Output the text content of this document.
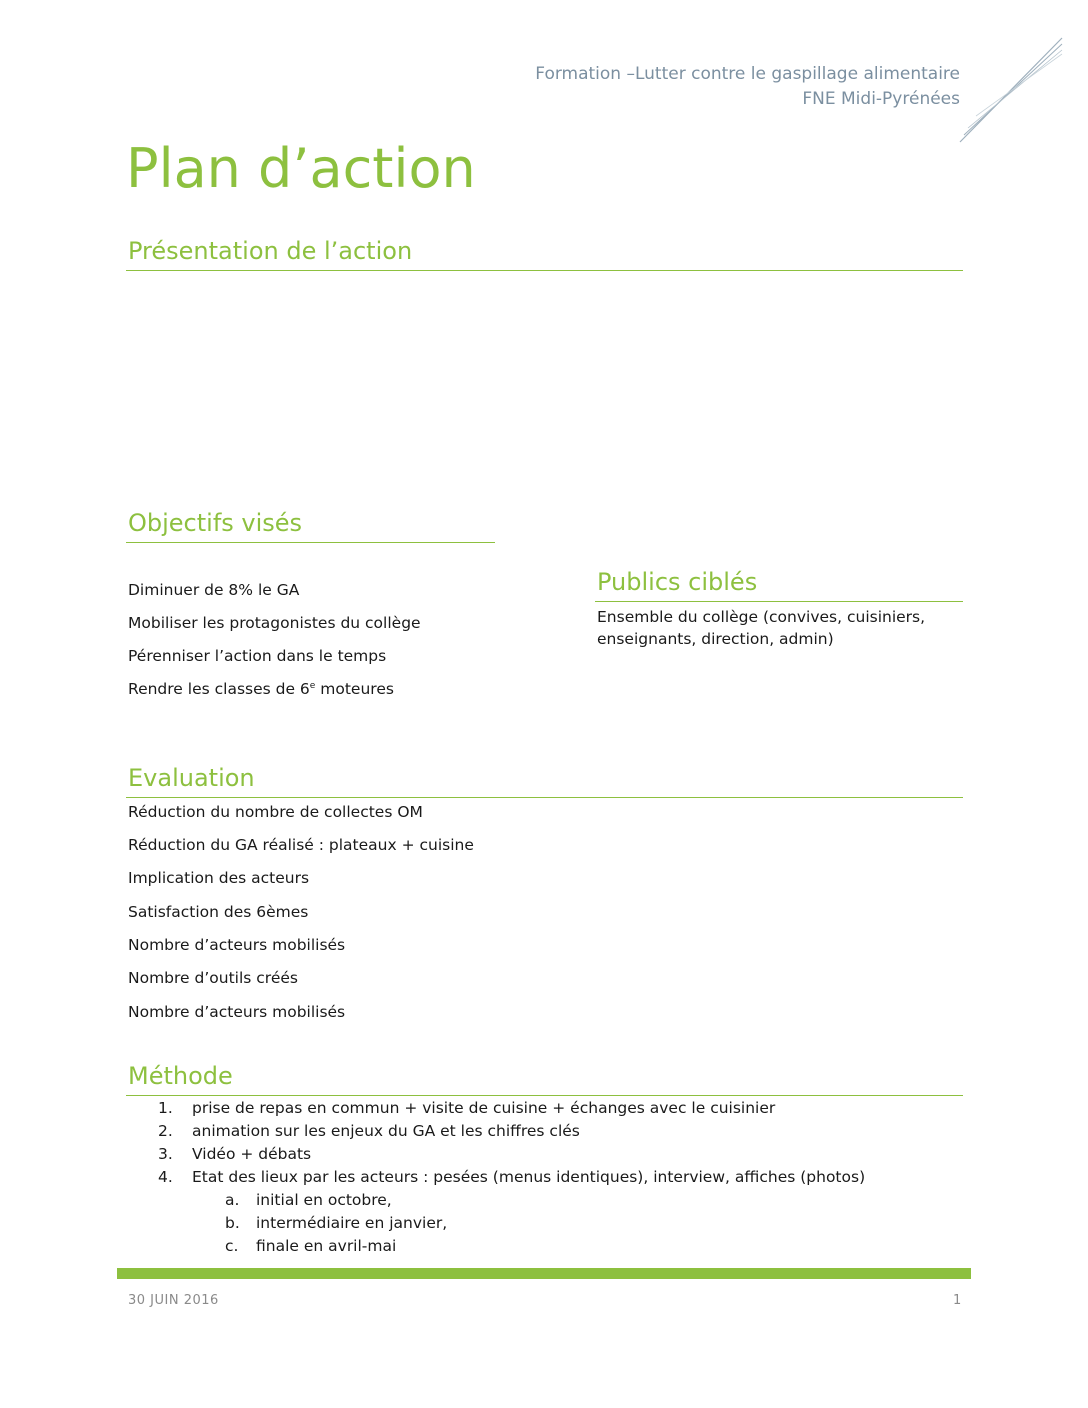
Formation –Lutter contre le gaspillage alimentaire
FNE Midi-Pyrénées
Plan d’action
Présentation de l’action
Objectifs visés
Diminuer de 8% le GA
Mobiliser les protagonistes du collège
Pérenniser l’action dans le temps
Rendre les classes de 6e moteures
Publics ciblés
Ensemble du collège (convives, cuisiniers,
enseignants, direction, admin)
Evaluation
Réduction du nombre de collectes OM
Réduction du GA réalisé : plateaux + cuisine
Implication des acteurs
Satisfaction des 6èmes
Nombre d’acteurs mobilisés
Nombre d’outils créés
Nombre d’acteurs mobilisés
Méthode
1. prise de repas en commun + visite de cuisine + échanges avec le cuisinier
2. animation sur les enjeux du GA et les chiffres clés
3. Vidéo + débats
4. Etat des lieux par les acteurs : pesées (menus identiques), interview, affiches (photos)
a. initial en octobre,
b. intermédiaire en janvier,
c. finale en avril-mai
30 JUIN 2016	1
